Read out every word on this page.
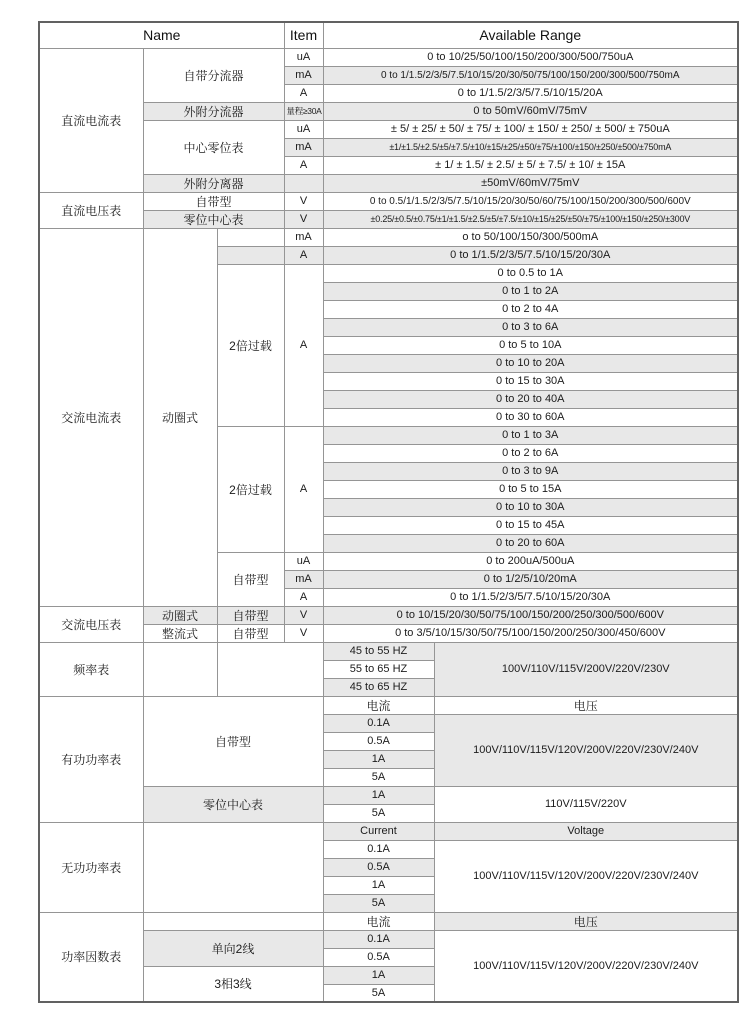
Name			Item	Available Range	
直流电流表	自带分流器		uA	0 to 10/25/50/100/150/200/300/500/750uA	
			mA	0 to 1/1.5/2/3/5/7.5/10/15/20/30/50/75/100/150/200/300/500/750mA	
			A	0 to 1/1.5/2/3/5/7.5/10/15/20A	
	外附分流器		量程≥30A	0 to 50mV/60mV/75mV	
	中心零位表		uA	± 5/ ± 25/ ± 50/ ± 75/ ± 100/ ± 150/ ± 250/ ± 500/ ± 750uA	
			mA	±1/±1.5/±2.5/±5/±7.5/±10/±15/±25/±50/±75/±100/±150/±250/±500/±750mA	
			A	± 1/ ± 1.5/ ± 2.5/ ± 5/ ± 7.5/ ± 10/ ± 15A	
	外附分离器			±50mV/60mV/75mV	
直流电压表	自带型		V	0 to 0.5/1/1.5/2/3/5/7.5/10/15/20/30/50/60/75/100/150/200/300/500/600V	
	零位中心表		V	±0.25/±0.5/±0.75/±1/±1.5/±2.5/±5/±7.5/±10/±15/±25/±50/±75/±100/±150/±250/±300V	
交流电流表	动圈式		mA	o to 50/100/150/300/500mA	
			A	0 to 1/1.5/2/3/5/7.5/10/15/20/30A	
		2倍过载	A	0 to 0.5 to 1A	
				0 to 1 to 2A	
				0 to 2 to 4A	
				0 to 3 to 6A	
				0 to 5 to 10A	
				0 to 10 to 20A	
				0 to 15 to 30A	
				0 to 20 to 40A	
				0 to 30 to 60A	
		2倍过载	A	0 to 1 to 3A	
				0 to 2 to 6A	
				0 to 3 to 9A	
				0 to 5 to 15A	
				0 to 10 to 30A	
				0 to 15 to 45A	
				0 to 20 to 60A	
		自带型	uA	0 to 200uA/500uA	
			mA	0 to 1/2/5/10/20mA	
			A	0 to 1/1.5/2/3/5/7.5/10/15/20/30A	
交流电压表	动圈式	自带型	V	0 to 10/15/20/30/50/75/100/150/200/250/300/500/600V	
	整流式	自带型	V	0 to 3/5/10/15/30/50/75/100/150/200/250/300/450/600V	
频率表				45 to 55 HZ	100V/110V/115V/200V/220V/230V
				55 to 65 HZ	
				45 to 65 HZ	
有功功率表	自带型			电流	电压
				0.1A	100V/110V/115V/120V/200V/220V/230V/240V
				0.5A	
				1A	
				5A	
	零位中心表			1A	110V/115V/220V
				5A	
无功功率表				Current	Voltage
				0.1A	100V/110V/115V/120V/200V/220V/230V/240V
				0.5A	
				1A	
				5A	
功率因数表				电流	电压
	单向2线			0.1A	100V/110V/115V/120V/200V/220V/230V/240V
				0.5A	
	3相3线			1A	
				5A	
